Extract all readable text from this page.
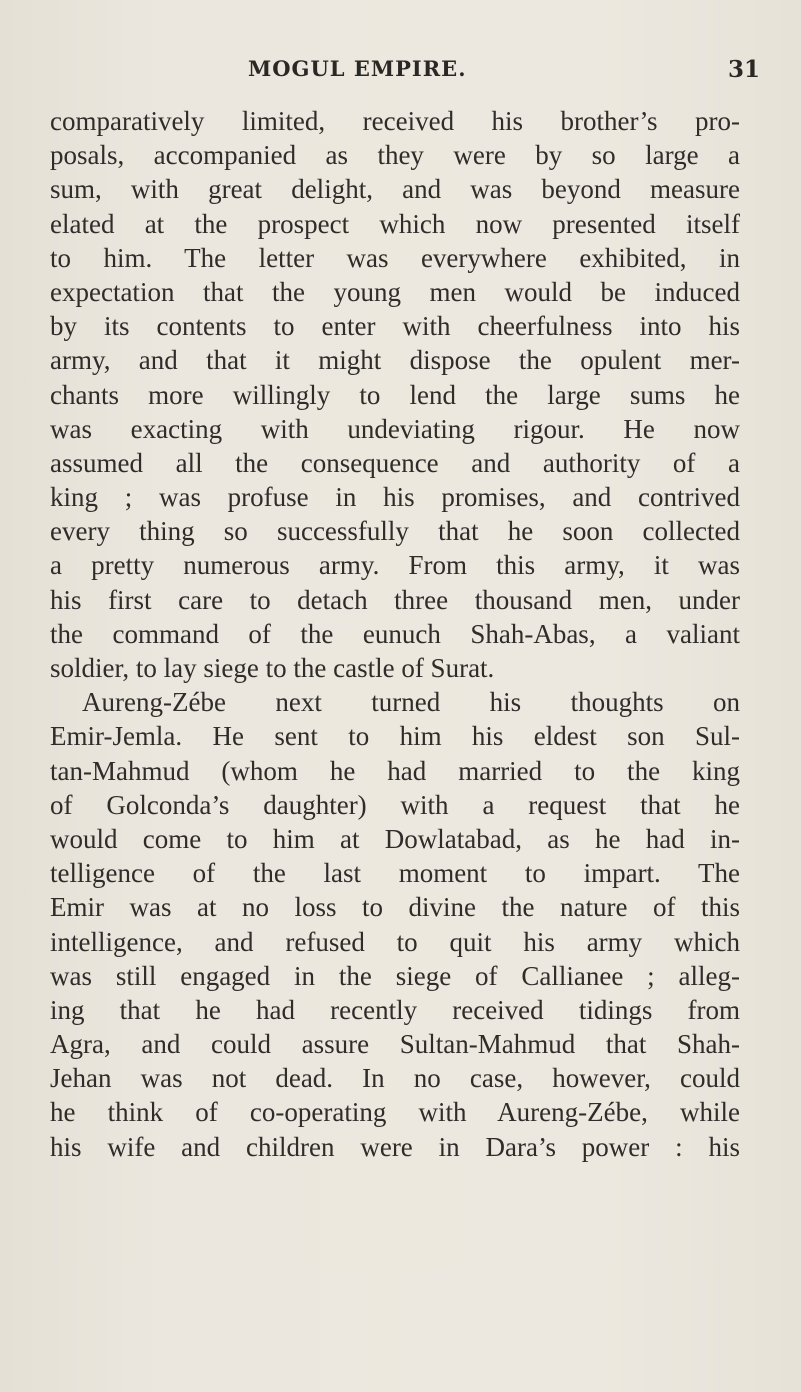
MOGUL EMPIRE.	31
comparatively limited, received his brother’s pro-
posals, accompanied as they were by so large a
sum, with great delight, and was beyond measure
elated at the prospect which now presented itself
to him. The letter was everywhere exhibited, in
expectation that the young men would be induced
by its contents to enter with cheerfulness into his
army, and that it might dispose the opulent mer-
chants more willingly to lend the large sums he
was exacting with undeviating rigour. He now
assumed all the consequence and authority of a
king ; was profuse in his promises, and contrived
every thing so successfully that he soon collected
a pretty numerous army. From this army, it was
his first care to detach three thousand men, under
the command of the eunuch Shah-Abas, a valiant
soldier, to lay siege to the castle of Surat.
Aureng-Zébe next turned his thoughts on
Emir-Jemla. He sent to him his eldest son Sul-
tan-Mahmud (whom he had married to the king
of Golconda’s daughter) with a request that he
would come to him at Dowlatabad, as he had in-
telligence of the last moment to impart. The
Emir was at no loss to divine the nature of this
intelligence, and refused to quit his army which
was still engaged in the siege of Callianee ; alleg-
ing that he had recently received tidings from
Agra, and could assure Sultan-Mahmud that Shah-
Jehan was not dead. In no case, however, could
he think of co-operating with Aureng-Zébe, while
his wife and children were in Dara’s power : his
